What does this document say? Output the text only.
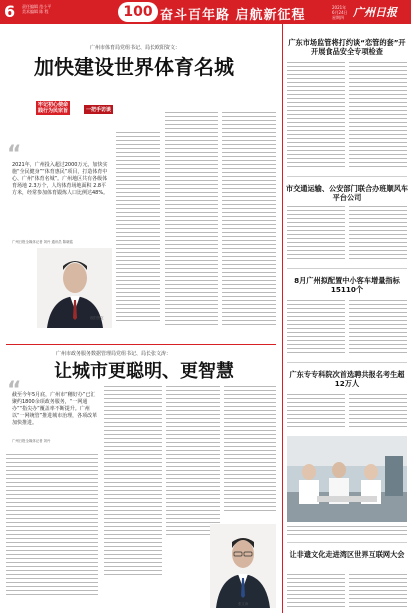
6 责任编辑 范小平
美术编辑 陈 程	100 奋斗百年路 启航新征程
2021年
6月24日
星期四 广州日报
广州市体育局党组书记、局长欧阳资文：
加快建设世界体育名城
牢记初心使命
践行为民宗旨	一把手访谈
“
2021年，广州投入超过2000万元，加快实施“全民健身”“体育惠民”项目，打造体育中心、广州“体育名城”。广州地区共有各级体育场地 2.3万个，人均体育场地面积 2.8平方米，经常参加体育锻炼人口比例达48%。
广州日报全媒体记者 刘丹 通讯员 陈晓铭
欧阳资文
广州市政务服务数据管理局党组书记、局长张文涛：
让城市更聪明、更智慧
“
截至今年5月底，广州市“穗好办”已汇聚约1800余项政务服务，“一网通办”“指尖办”覆盖率不断提升。广州以“一网统管”推进城市治理，各项改革加快推进。
广州日报全媒体记者 刘丹
张文涛
广东市场监管将打约谈“恋管的套”开开展食品安全专项检查
市交通运输、公安部门联合办班顺风车平台公司
8月广州拟配置中小客车增量指标15110个
广东专专科院次首选聘共报名考生超12万人
让非遗文化走进湾区世界互联网大会
